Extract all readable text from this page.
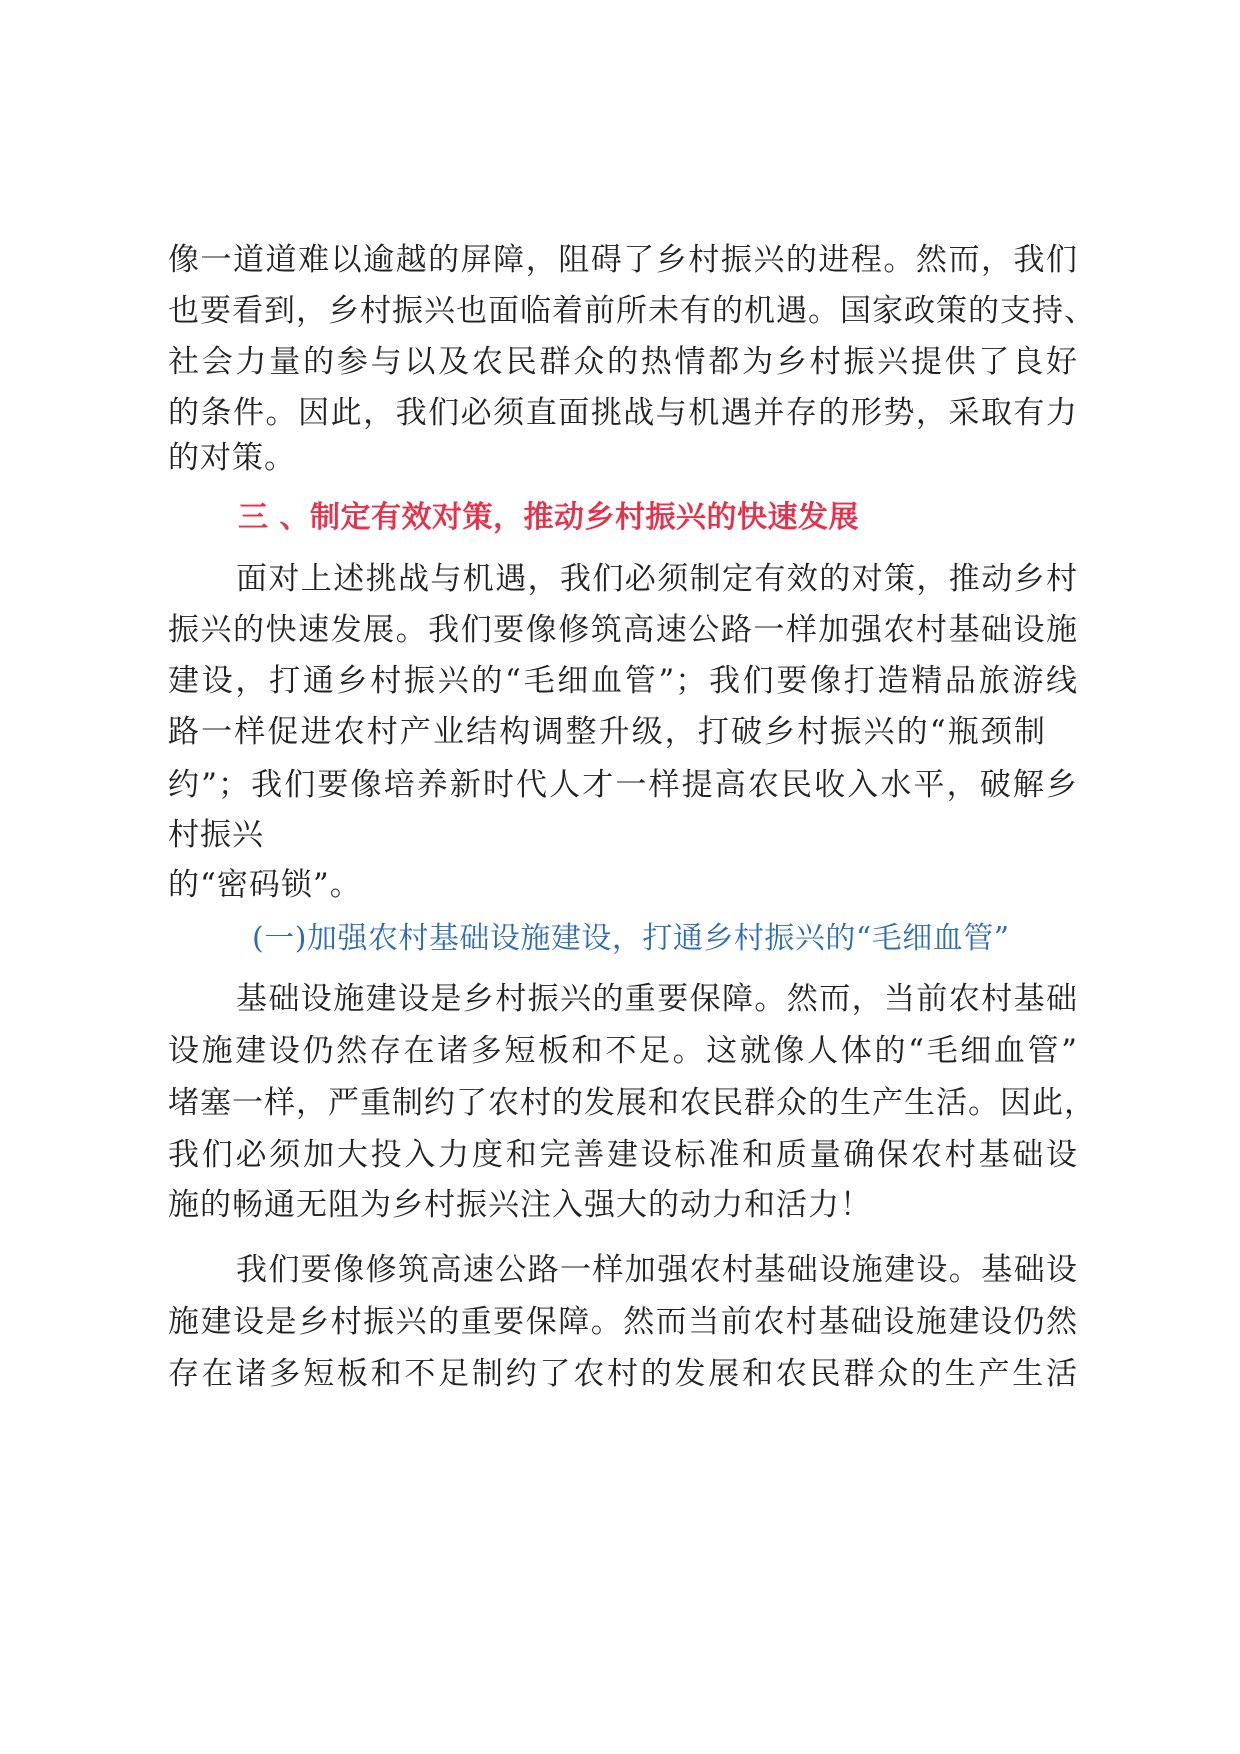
像一道道难以逾越的屏障，阻碍了乡村振兴的进程。然而，我们
也要看到，乡村振兴也面临着前所未有的机遇。国家政策的支持、
社会力量的参与以及农民群众的热情都为乡村振兴提供了良好
的条件。因此，我们必须直面挑战与机遇并存的形势，采取有力
的对策。
三 、制定有效对策，推动乡村振兴的快速发展
面对上述挑战与机遇，我们必须制定有效的对策，推动乡村
振兴的快速发展。我们要像修筑高速公路一样加强农村基础设施
建设，打通乡村振兴的“毛细血管”；我们要像打造精品旅游线
路一样促进农村产业结构调整升级，打破乡村振兴的“瓶颈制
约”；我们要像培养新时代人才一样提高农民收入水平，破解乡
村振兴
的“密码锁”。
(一)加强农村基础设施建设，打通乡村振兴的“毛细血管”
基础设施建设是乡村振兴的重要保障。然而，当前农村基础
设施建设仍然存在诸多短板和不足。这就像人体的“毛细血管”
堵塞一样，严重制约了农村的发展和农民群众的生产生活。因此，
我们必须加大投入力度和完善建设标准和质量确保农村基础设
施的畅通无阻为乡村振兴注入强大的动力和活力！
我们要像修筑高速公路一样加强农村基础设施建设。基础设
施建设是乡村振兴的重要保障。然而当前农村基础设施建设仍然
存在诸多短板和不足制约了农村的发展和农民群众的生产生活
